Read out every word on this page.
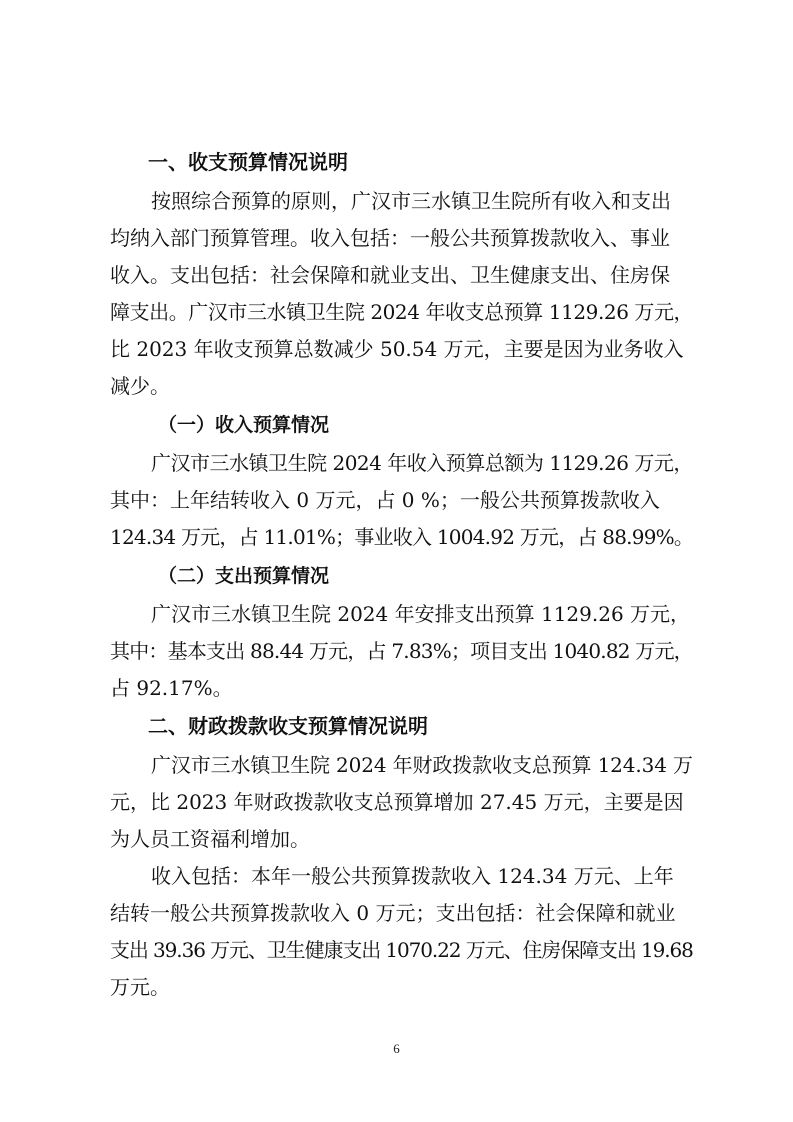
一、收支预算情况说明
按照综合预算的原则，广汉市三水镇卫生院所有收入和支出
均纳入部门预算管理。收入包括：一般公共预算拨款收入、事业
收入。支出包括：社会保障和就业支出、卫生健康支出、住房保
障支出。广汉市三水镇卫生院 2024 年收支总预算 1129.26 万元，
比 2023 年收支预算总数减少 50.54 万元，主要是因为业务收入
减少。
（一）收入预算情况
广汉市三水镇卫生院 2024 年收入预算总额为 1129.26 万元，
其中：上年结转收入 0 万元，占 0 %；一般公共预算拨款收入
124.34 万元，占 11.01%；事业收入 1004.92 万元，占 88.99%。
（二）支出预算情况
广汉市三水镇卫生院 2024 年安排支出预算 1129.26 万元，
其中：基本支出 88.44 万元，占 7.83%；项目支出 1040.82 万元，
占 92.17%。
二、财政拨款收支预算情况说明
广汉市三水镇卫生院 2024 年财政拨款收支总预算 124.34 万
元，比 2023 年财政拨款收支总预算增加 27.45 万元，主要是因
为人员工资福利增加。
收入包括：本年一般公共预算拨款收入 124.34 万元、上年
结转一般公共预算拨款收入 0 万元；支出包括：社会保障和就业
支出 39.36 万元、卫生健康支出 1070.22 万元、住房保障支出 19.68
万元。
6
